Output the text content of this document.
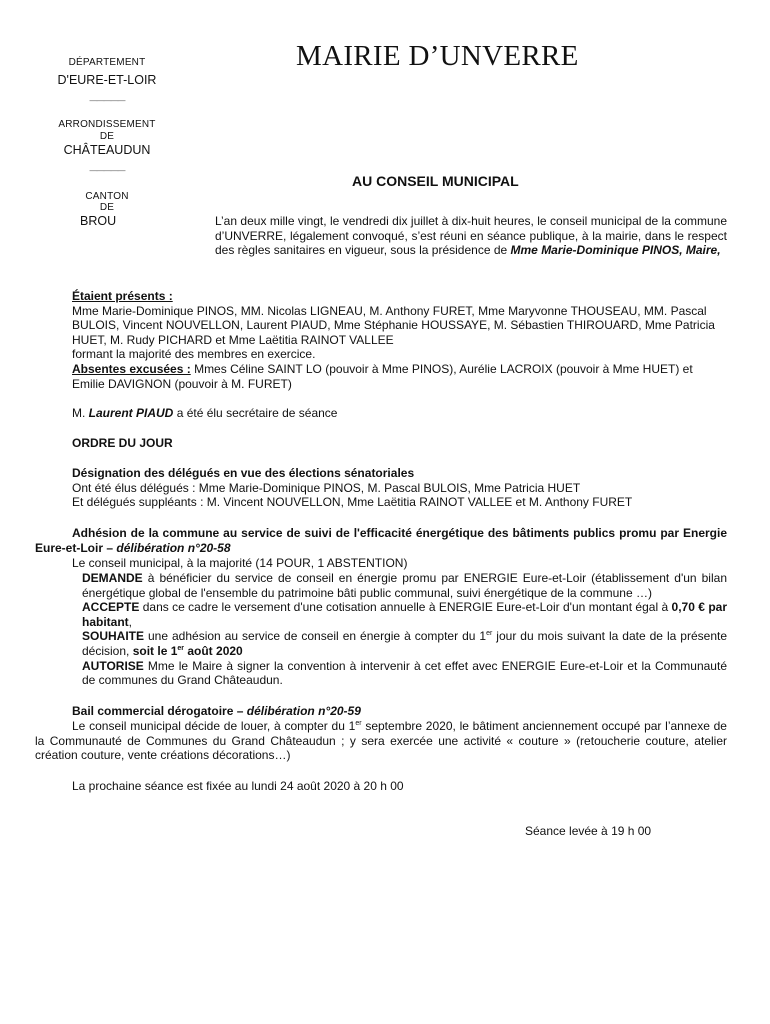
DÉPARTEMENT
D'EURE-ET-LOIR
—————
ARRONDISSEMENT
DE
CHÂTEAUDUN
—————
CANTON
DE
BROU
MAIRIE D’UNVERRE
AU CONSEIL MUNICIPAL
L’an deux mille vingt, le vendredi dix juillet à dix-huit heures, le conseil municipal de la commune d’UNVERRE, légalement convoqué, s’est réuni en séance publique, à la mairie, dans le respect des règles sanitaires en vigueur, sous la présidence de Mme Marie-Dominique PINOS, Maire,
Étaient présents :
Mme Marie-Dominique PINOS, MM. Nicolas LIGNEAU, M. Anthony FURET, Mme Maryvonne THOUSEAU, MM. Pascal BULOIS, Vincent NOUVELLON, Laurent PIAUD, Mme Stéphanie HOUSSAYE, M. Sébastien THIROUARD, Mme Patricia HUET, M. Rudy PICHARD et Mme Laëtitia RAINOT VALLEE
formant la majorité des membres en exercice.
Absentes excusées : Mmes Céline SAINT LO (pouvoir à Mme PINOS), Aurélie LACROIX (pouvoir à Mme HUET) et Emilie DAVIGNON (pouvoir à M. FURET)
M. Laurent PIAUD a été élu secrétaire de séance
ORDRE DU JOUR
Désignation des délégués en vue des élections sénatoriales
Ont été élus délégués : Mme Marie-Dominique PINOS, M. Pascal BULOIS, Mme Patricia HUET
Et délégués suppléants : M. Vincent NOUVELLON, Mme Laëtitia RAINOT VALLEE et M. Anthony FURET
Adhésion de la commune au service de suivi de l'efficacité énergétique des bâtiments publics promu par Energie Eure-et-Loir – délibération n°20-58
Le conseil municipal, à la majorité (14 POUR, 1 ABSTENTION)
DEMANDE à bénéficier du service de conseil en énergie promu par ENERGIE Eure-et-Loir (établissement d'un bilan énergétique global de l'ensemble du patrimoine bâti public communal, suivi énergétique de la commune …)
ACCEPTE dans ce cadre le versement d'une cotisation annuelle à ENERGIE Eure-et-Loir d'un montant égal à 0,70 € par habitant,
SOUHAITE une adhésion au service de conseil en énergie à compter du 1er jour du mois suivant la date de la présente décision, soit le 1er août 2020
AUTORISE Mme le Maire à signer la convention à intervenir à cet effet avec ENERGIE Eure-et-Loir et la Communauté de communes du Grand Châteaudun.
Bail commercial dérogatoire – délibération n°20-59
Le conseil municipal décide de louer, à compter du 1er septembre 2020, le bâtiment anciennement occupé par l’annexe de la Communauté de Communes du Grand Châteaudun ; y sera exercée une activité « couture » (retoucherie couture, atelier création couture, vente créations décorations…)
La prochaine séance est fixée au lundi 24 août 2020 à 20 h 00
Séance levée à 19 h 00
